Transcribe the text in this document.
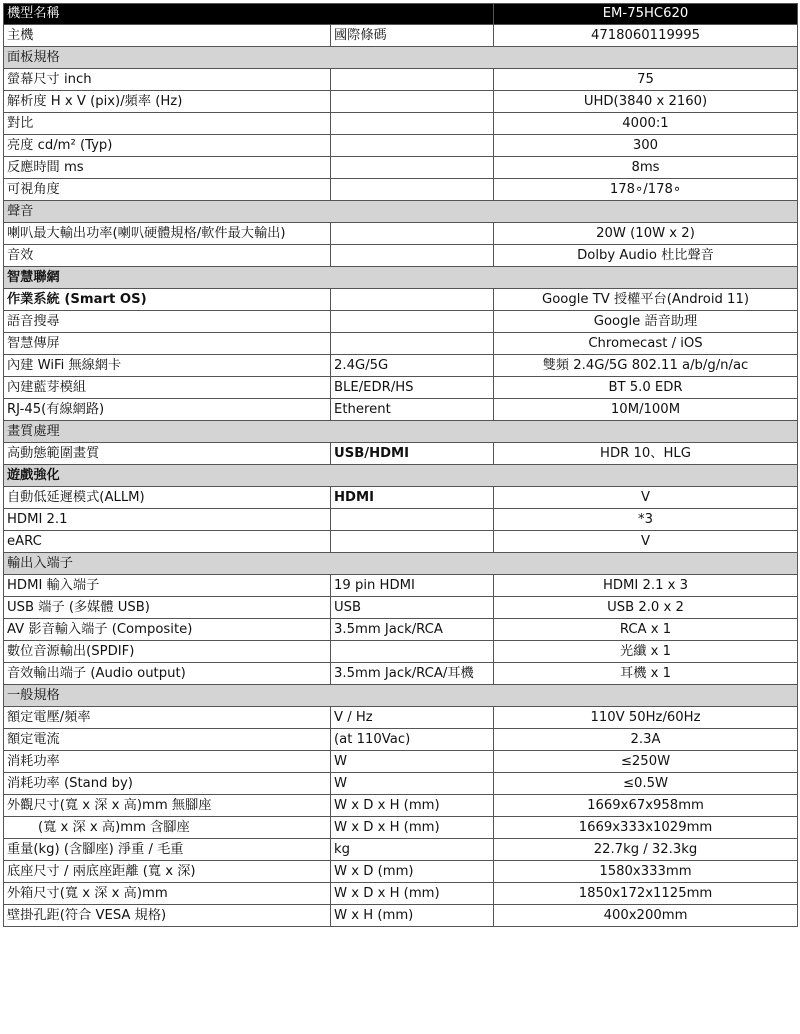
機型名稱		EM-75HC620
主機	國際條碼	4718060119995
面板規格		
螢幕尺寸 inch		75
解析度 H x V (pix)/頻率 (Hz)		UHD(3840 x 2160)
對比		4000:1
亮度 cd/m² (Typ)		300
反應時間 ms		8ms
可視角度		178∘/178∘
聲音		
喇叭最大輸出功率(喇叭硬體規格/軟件最大輸出)		20W (10W x 2)
音效		Dolby Audio 杜比聲音
智慧聯網		
作業系統 (Smart OS)		Google TV 授權平台(Android 11)
語音搜尋		Google 語音助理
智慧傳屏		Chromecast / iOS
內建 WiFi 無線網卡	2.4G/5G	雙頻 2.4G/5G 802.11 a/b/g/n/ac
內建藍芽模組	BLE/EDR/HS	BT 5.0 EDR
RJ-45(有線網路)	Etherent	10M/100M
畫質處理		
高動態範圍畫質	USB/HDMI	HDR 10、HLG
遊戲強化		
自動低延遲模式(ALLM)	HDMI	V
HDMI 2.1		*3
eARC		V
輸出入端子		
HDMI 輸入端子	19 pin HDMI	HDMI 2.1 x 3
USB 端子 (多媒體 USB)	USB	USB 2.0 x 2
AV 影音輸入端子 (Composite)	3.5mm Jack/RCA	RCA x 1
數位音源輸出(SPDIF)		光纖 x 1
音效輸出端子 (Audio output)	3.5mm Jack/RCA/耳機	耳機 x 1
一般規格		
額定電壓/頻率	V / Hz	110V 50Hz/60Hz
額定電流	(at 110Vac)	2.3A
消耗功率	W	≤250W
消耗功率 (Stand by)	W	≤0.5W
外觀尺寸(寬 x 深 x 高)mm 無腳座	W x D x H (mm)	1669x67x958mm
(寬 x 深 x 高)mm 含腳座	W x D x H (mm)	1669x333x1029mm
重量(kg) (含腳座) 淨重 / 毛重	kg	22.7kg / 32.3kg
底座尺寸 / 兩底座距離 (寬 x 深)	W x D (mm)	1580x333mm
外箱尺寸(寬 x 深 x 高)mm	W x D x H (mm)	1850x172x1125mm
壁掛孔距(符合 VESA 規格)	W x H (mm)	400x200mm
